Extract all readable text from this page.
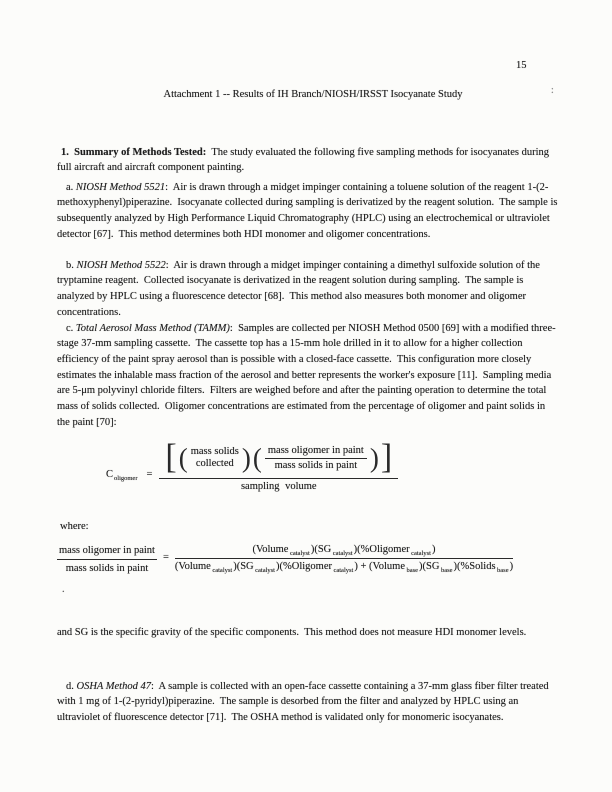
15
:
Attachment 1 -- Results of IH Branch/NIOSH/IRSST Isocyanate Study

1.  Summary of Methods Tested:  The study evaluated the following five sampling methods for isocyanates during full aircraft and aircraft component painting.

a. NIOSH Method 5521:  Air is drawn through a midget impinger containing a toluene solution of the reagent 1-(2-methoxyphenyl)piperazine.  Isocyanate collected during sampling is derivatized by the reagent solution.  The sample is subsequently analyzed by High Performance Liquid Chromatography (HPLC) using an electrochemical or ultraviolet detector [67].  This method determines both HDI monomer and oligomer concentrations.

b. NIOSH Method 5522:  Air is drawn through a midget impinger containing a dimethyl sulfoxide solution of the tryptamine reagent.  Collected isocyanate is derivatized in the reagent solution during sampling.  The sample is analyzed by HPLC using a fluorescence detector [68].  This method also measures both monomer and oligomer concentrations.

c. Total Aerosol Mass Method (TAMM):  Samples are collected per NIOSH Method 0500 [69] with a modified three-stage 37-mm sampling cassette.  The cassette top has a 15-mm hole drilled in it to allow for a higher collection efficiency of the paint spray aerosol than is possible with a closed-face cassette.  This configuration more closely estimates the inhalable mass fraction of the aerosol and better represents the worker's exposure [11].  Sampling media are 5-μm polyvinyl chloride filters.  Filters are weighed before and after the painting operation to determine the total mass of solids collected.  Oligomer concentrations are estimated from the percentage of oligomer and paint solids in the paint [70]:

$C_{oligomer}$ = [ ( mass solids
collected ) ( mass oligomer in paint
mass solids in paint ) ]
sampling volume
where:
mass oligomer in paint
mass solids in paint
=
(Volume $_{catalyst}$)(SG $_{catalyst}$)(%Oligomer $_{catalyst}$)
(Volume $_{catalyst}$)(SG $_{catalyst}$)(%Oligomer $_{catalyst}$) + (Volume $_{base}$)(SG $_{base}$)(%Solids $_{base}$)
.

and SG is the specific gravity of the specific components.  This method does not measure HDI monomer levels.

d. OSHA Method 47:  A sample is collected with an open-face cassette containing a 37-mm glass fiber filter treated with 1 mg of 1-(2-pyridyl)piperazine.  The sample is desorbed from the filter and analyzed by HPLC using an ultraviolet of fluorescence detector [71].  The OSHA method is validated only for monomeric isocyanates.
